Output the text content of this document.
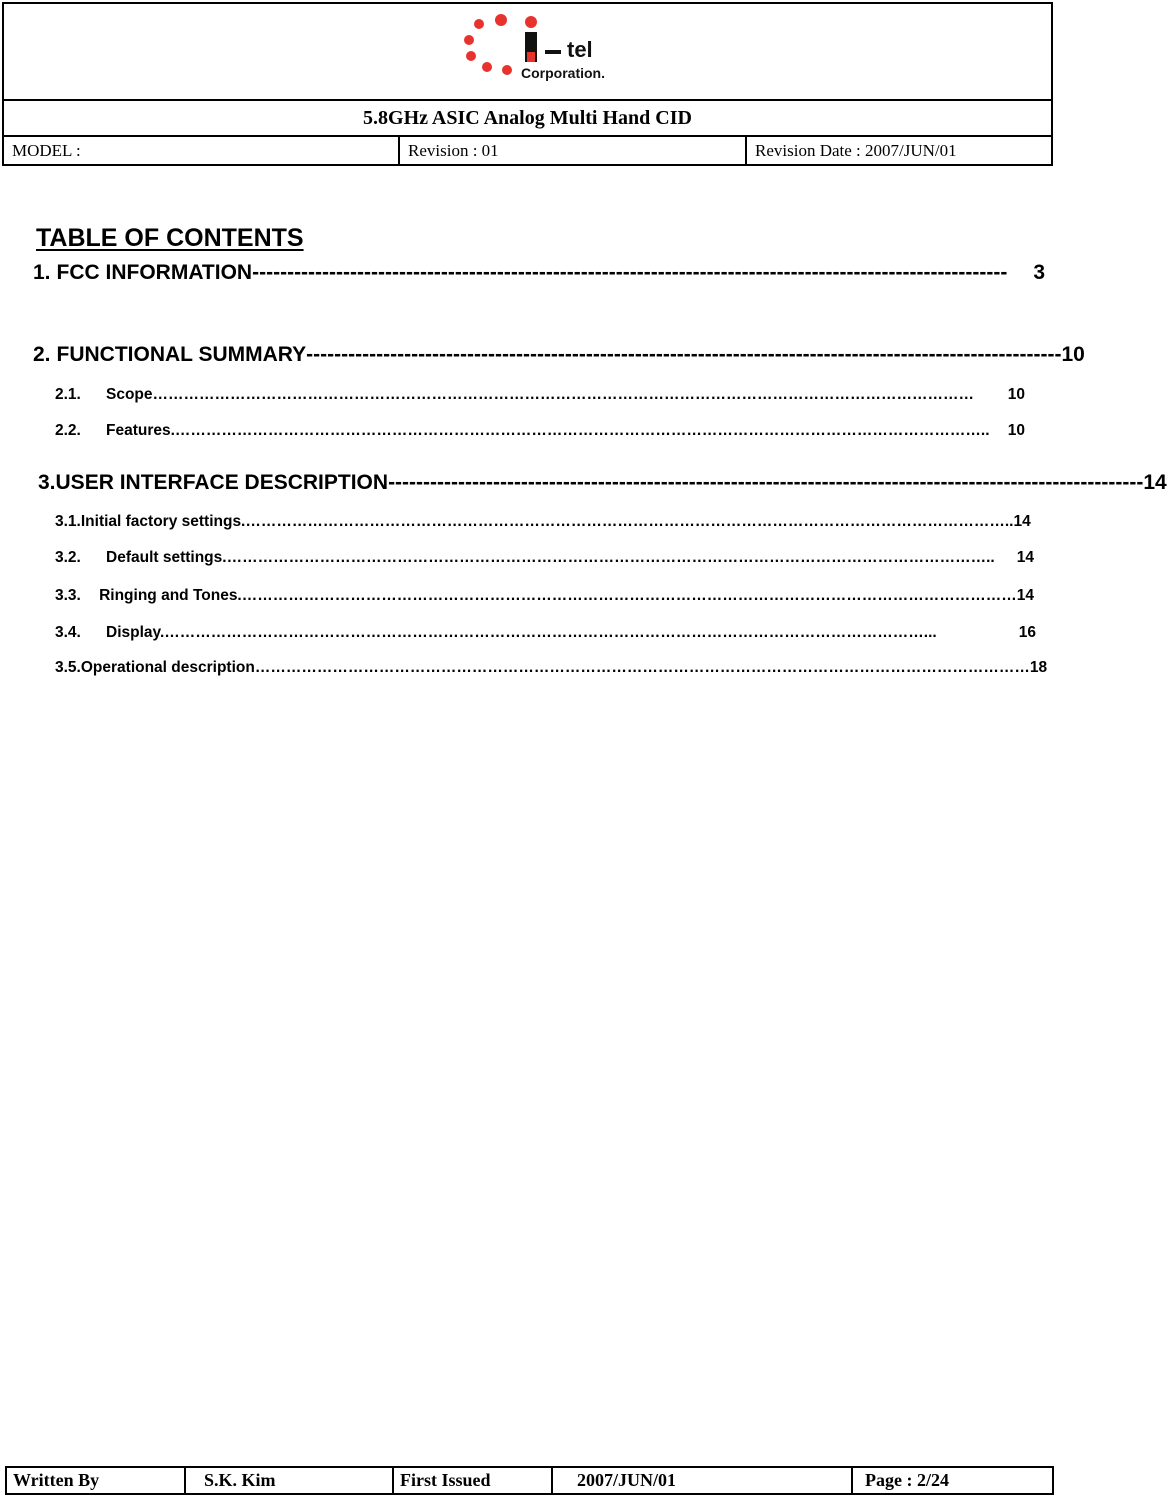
tel
Corporation.
5.8GHz ASIC Analog Multi Hand CID
MODEL :	Revision : 01	Revision Date : 2007/JUN/01
TABLE OF CONTENTS
1. FCC INFORMATION ------------------------------------------------------------------------------------------------------------	3
2. FUNCTIONAL SUMMARY ------------------------------------------------------------------------------------------------------------ 10
2.1.	Scope ……………………………………………………………………………………………………………………………………………	10
2.2.	Features. …………………………………………………………………………………………………………………………………………..	10
3. USER INTERFACE DESCRIPTION ------------------------------------------------------------------------------------------------------------ 14
3.1. Initial factory settings. ………………………………………………………………………………………………………………………………….. 14
3.2.	Default settings. …………………………………………………………………………………………………………………………………..	14
3.3.	Ringing and Tones. …………………………………………………………………………………………………………………………………… 14
3.4.	Display. …………………………………………………………………………………………………………………………………...	16
3.5. Operational description …………………………………………………………………………………………………………………………………… 18
Written By	S.K. Kim	First Issued	2007/JUN/01	Page : 2/24
